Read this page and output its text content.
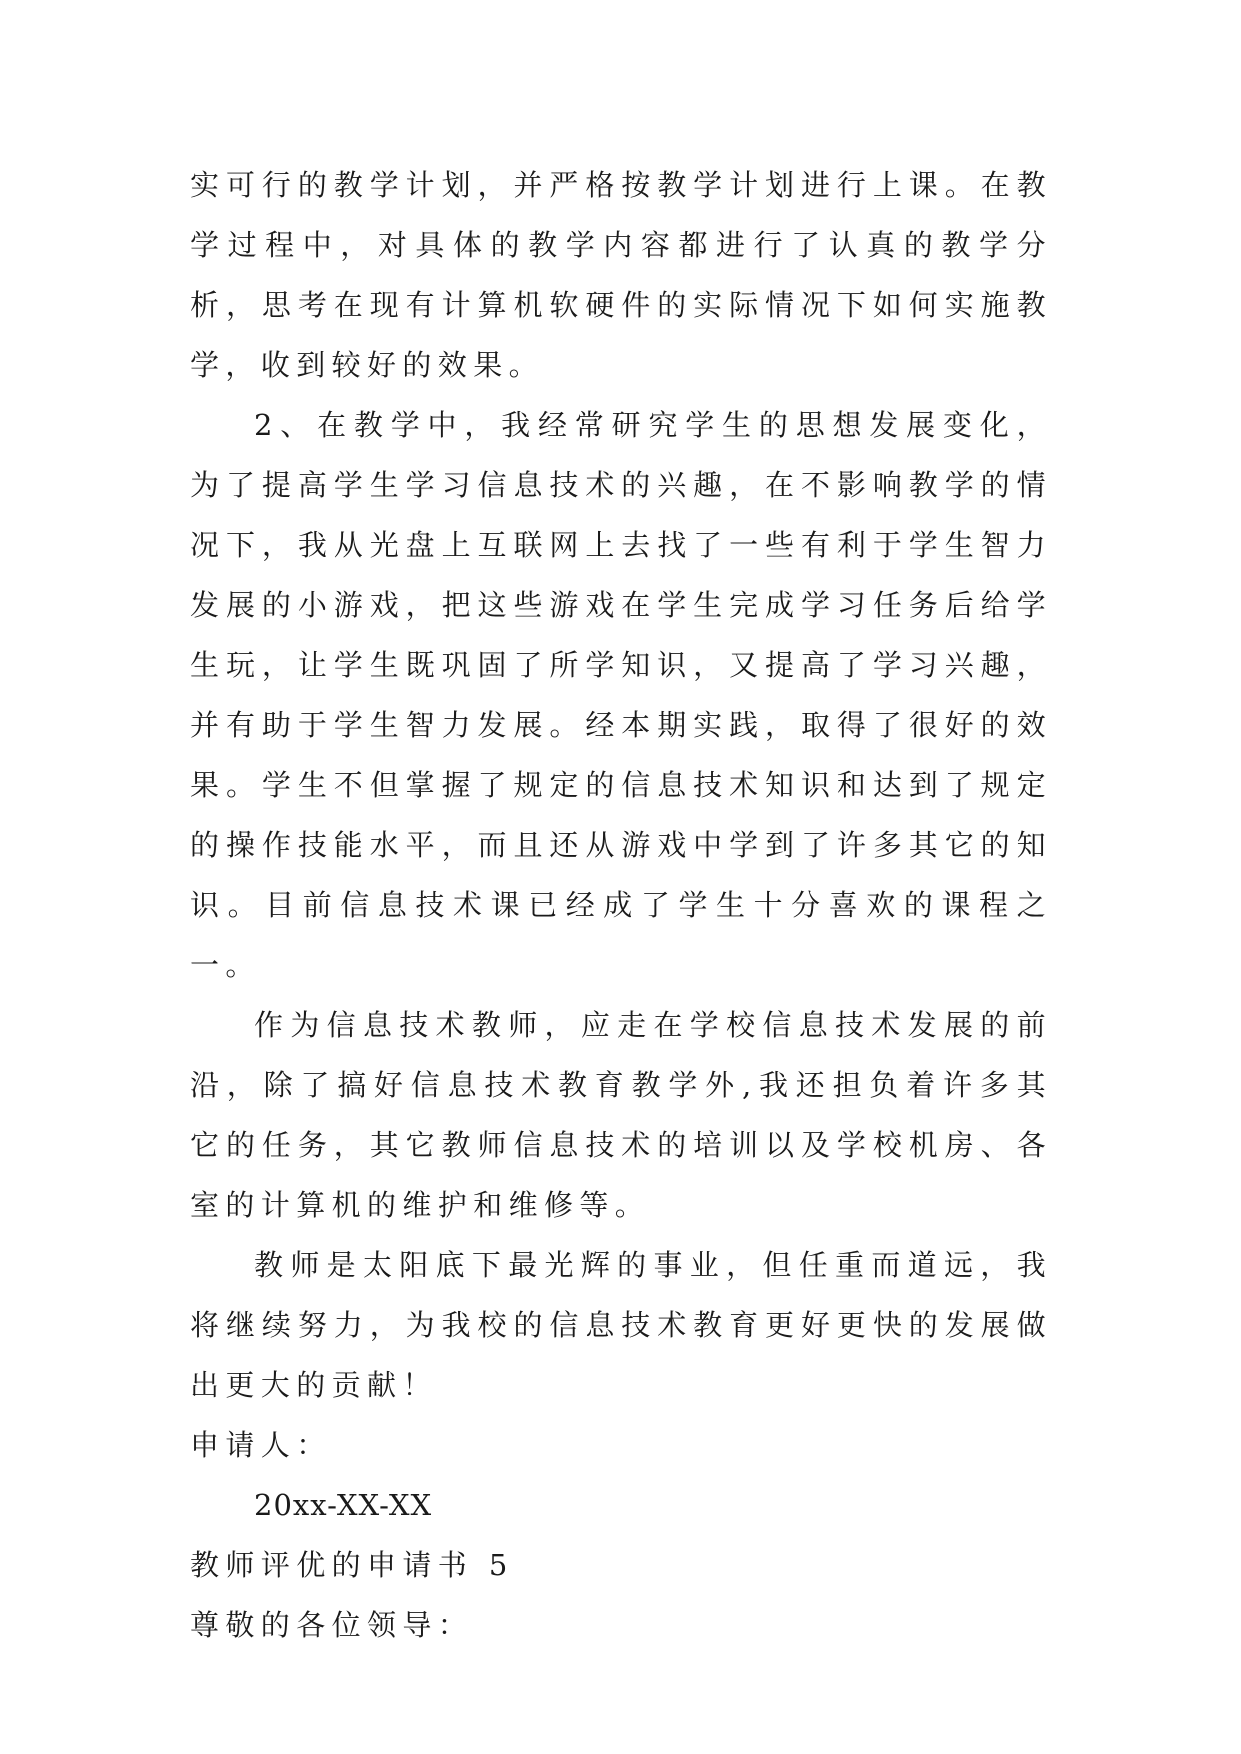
实可行的教学计划，并严格按教学计划进行上课。在教学过程中，对具体的教学内容都进行了认真的教学分析，思考在现有计算机软硬件的实际情况下如何实施教学，收到较好的效果。

2、在教学中，我经常研究学生的思想发展变化，为了提高学生学习信息技术的兴趣，在不影响教学的情况下，我从光盘上互联网上去找了一些有利于学生智力发展的小游戏，把这些游戏在学生完成学习任务后给学生玩，让学生既巩固了所学知识，又提高了学习兴趣，并有助于学生智力发展。经本期实践，取得了很好的效果。学生不但掌握了规定的信息技术知识和达到了规定的操作技能水平，而且还从游戏中学到了许多其它的知识。目前信息技术课已经成了学生十分喜欢的课程之一。

作为信息技术教师，应走在学校信息技术发展的前沿，除了搞好信息技术教育教学外,我还担负着许多其它的任务，其它教师信息技术的培训以及学校机房、各室的计算机的维护和维修等。

教师是太阳底下最光辉的事业，但任重而道远，我将继续努力，为我校的信息技术教育更好更快的发展做出更大的贡献！

申请人：

20xx-XX-XX

教师评优的申请书 5

尊敬的各位领导：
